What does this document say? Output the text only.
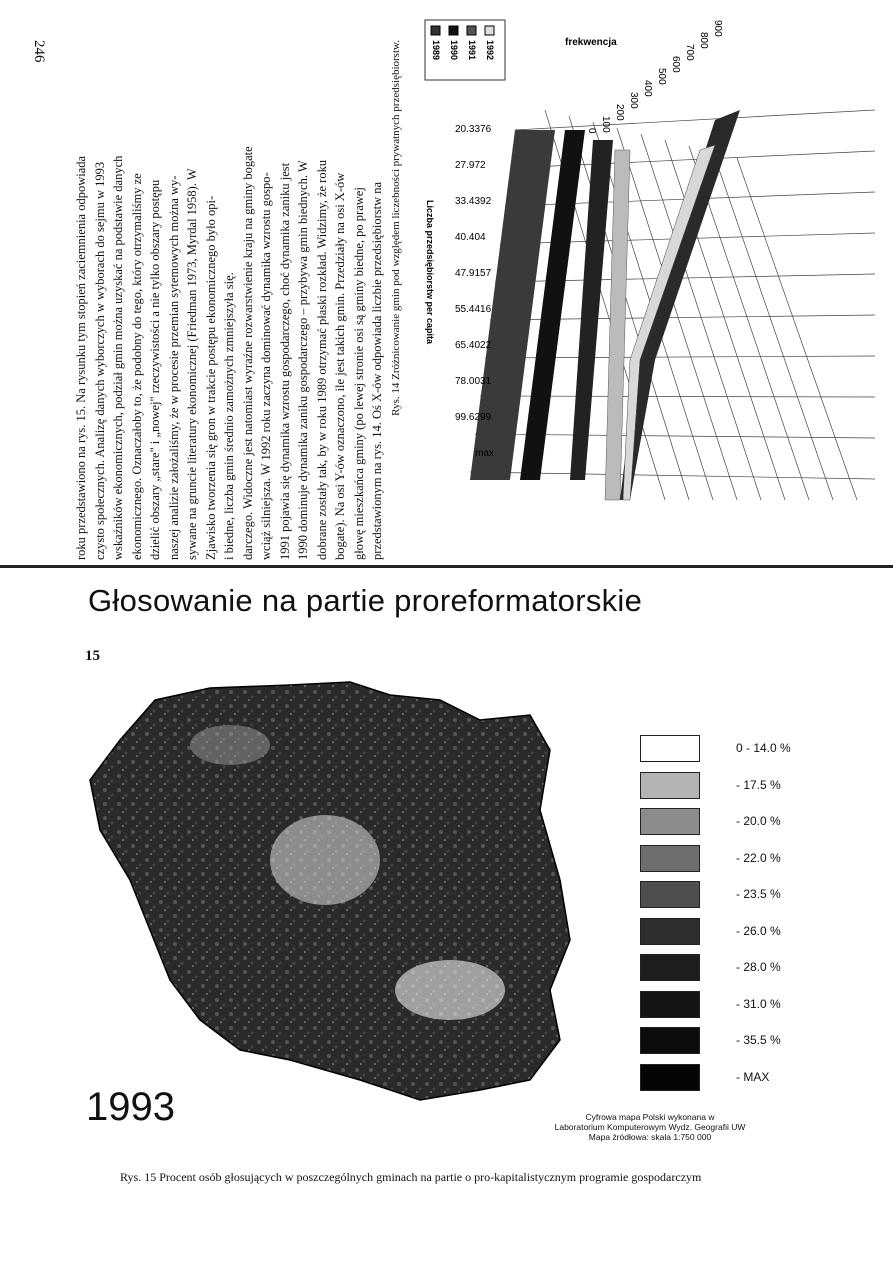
246
przedstawionym na rys. 14. Oś X-ów odpowiada liczbie przedsiębiorstw na
głowę mieszkańca gminy (po lewej stronie osi są gminy biedne, po prawej
bogate). Na osi Y-ów oznaczono, ile jest takich gmin. Przedziały na osi X-ów
dobrane zostały tak, by w roku 1989 otrzymać płaski rozkład. Widzimy, że roku
1990 dominuje dynamika zaniku gospodarczego – przybywa gmin biednych. W
1991 pojawia się dynamika wzrostu gospodarczego, choć dynamika zaniku jest
wciąż silniejsza. W 1992 roku zaczyna dominować dynamika wzrostu gospo-
darczego. Widoczne jest natomiast wyraźne rozwarstwienie kraju na gminy bogate
i biedne, liczba gmin średnio zamożnych zmniejszyła się.
Zjawisko tworzenia się gron w trakcie postępu ekonomicznego było opi-
sywane na gruncie literatury ekonomicznej (Friedman 1973, Myrdal 1958). W
naszej analizie założaliśmy, że w procesie przemian sytemowych można wy-
dzielić obszary „stare" i „nowej" rzeczywistości a nie tylko obszary postępu
ekonomicznego. Oznaczałoby to, że podobny do tego, który otrzymaliśmy ze
wskaźników ekonomicznych, podział gmin można uzyskać na podstawie danych
czysto społecznych. Analizę danych wyborczych w wyborach do sejmu w 1993
roku przedstawiono na rys. 15. Na rysunku tym stopień zaciemnienia odpowiada	Rys. 14 Zróżnicowanie gmin pod względem liczebności prywatnych przedsiębiorstw.	1989 1990 1991 1992	frekwencja
900
800
700
600
500
400
300
200
100
0
20.3376
27.972
33.4392
40.404
47.9157
55.4416
65.4022
78.0031
99.6299
max
Liczba przedsiębiorstw per capita
Głosowanie na partie proreformatorskie
15
1993
0 - 14.0 %
- 17.5 %
- 20.0 %
- 22.0 %
- 23.5 %
- 26.0 %
- 28.0 %
- 31.0 %
- 35.5 %
- MAX
Cyfrowa mapa Polski wykonana w
Laboratorium Komputerowym Wydz. Geografii UW
Mapa źródłowa: skala 1:750 000
Rys. 15 Procent osób głosujących w poszczególnych gminach na partie o pro-kapitalistycznym programie gospodarczym
